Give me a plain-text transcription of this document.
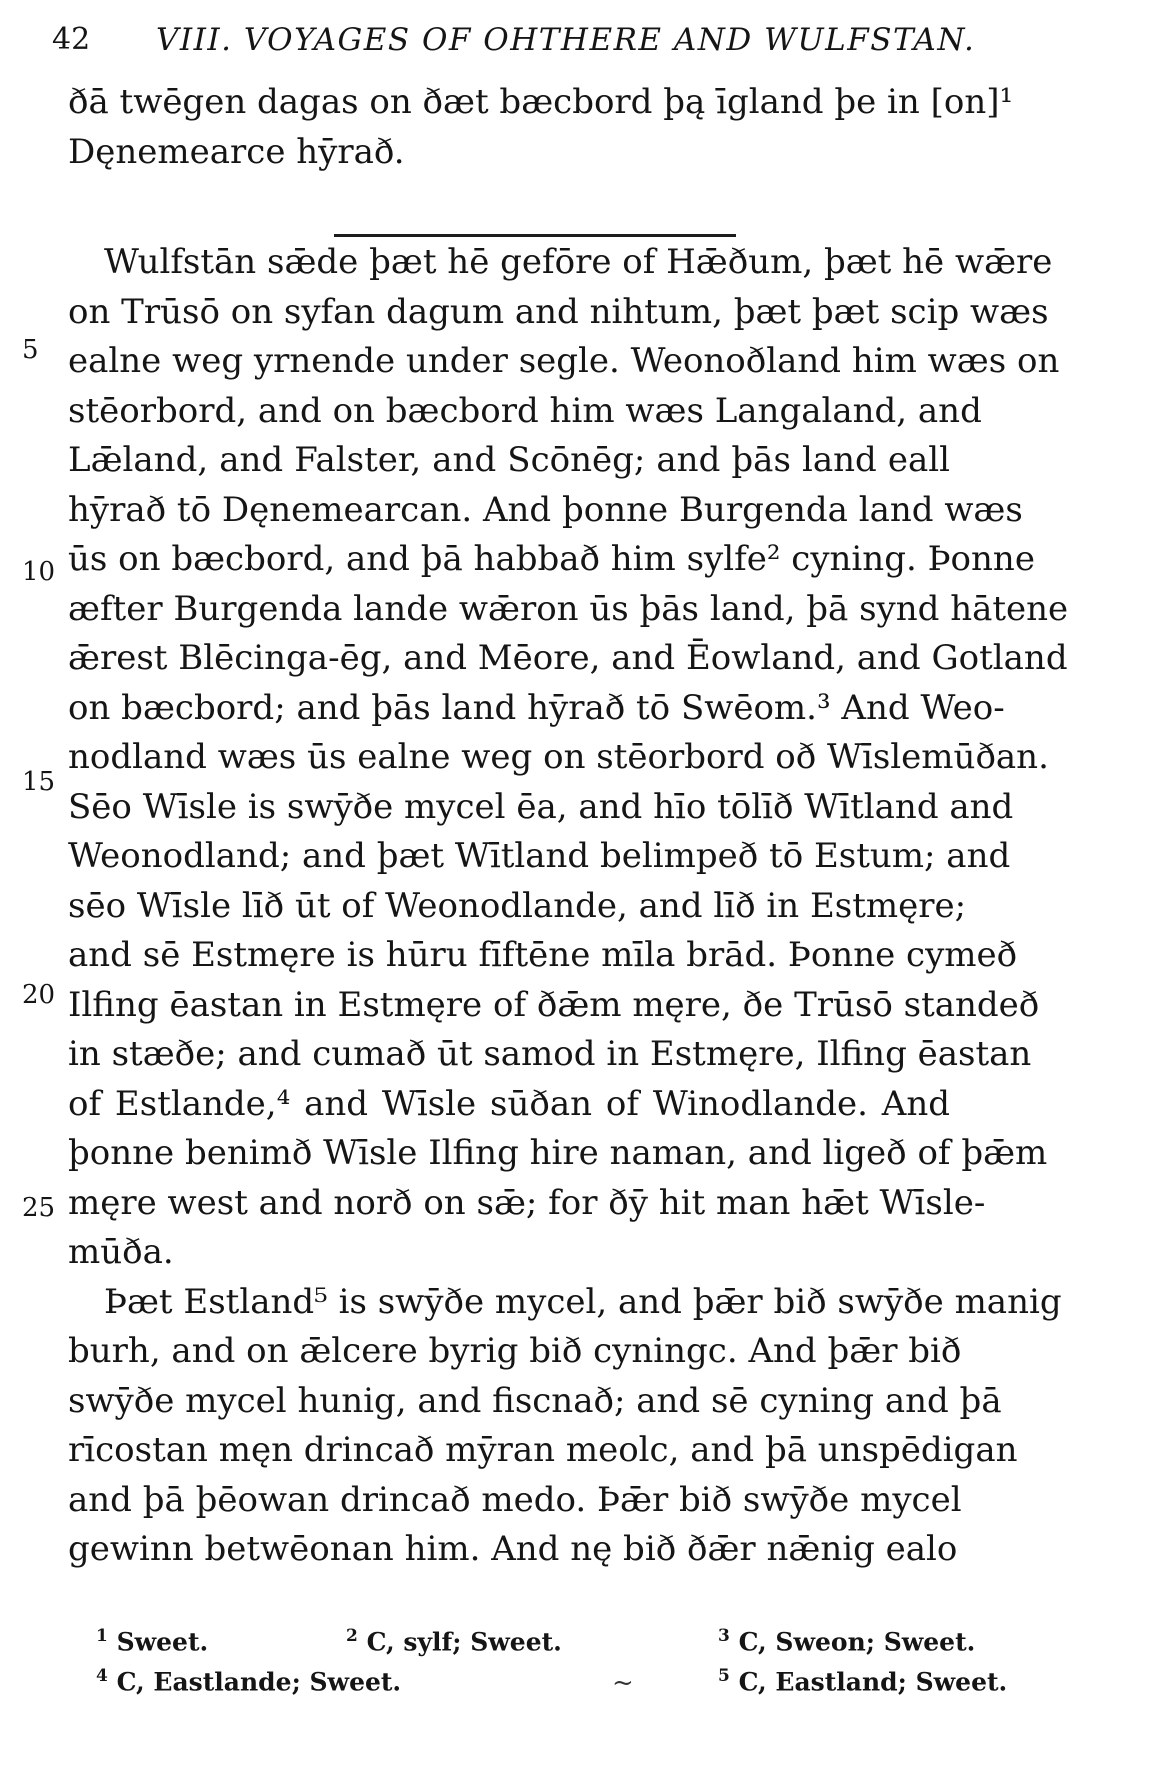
42 VIII. VOYAGES OF OHTHERE AND WULFSTAN.
ðā twēgen dagas on ðæt bæcbord þą īgland þe in [on]¹
Dęnemearce hȳrað.
Wulfstān sǣde þæt hē gefōre of Hǣðum, þæt hē wǣre
on Trūsō on syfan dagum and nihtum, þæt þæt scip wæs
ealne weg yrnende under segle. Weonoðland him wæs on
stēorbord, and on bæcbord him wæs Langaland, and
Lǣland, and Falster, and Scōnēg; and þās land eall
hȳrað tō Dęnemearcan. And þonne Burgenda land wæs
ūs on bæcbord, and þā habbað him sylfe² cyning. Þonne
æfter Burgenda lande wǣron ūs þās land, þā synd hātene
ǣrest Blēcinga-ēg, and Mēore, and Ēowland, and Gotland
on bæcbord; and þās land hȳrað tō Swēom.³ And Weo-
nodland wæs ūs ealne weg on stēorbord oð Wīslemūðan.
Sēo Wīsle is swȳðe mycel ēa, and hīo tōlīð Wītland and
Weonodland; and þæt Wītland belimpeð tō Estum; and
sēo Wīsle līð ūt of Weonodlande, and līð in Estmęre;
and sē Estmęre is hūru fīftēne mīla brād. Þonne cymeð
Ilfing ēastan in Estmęre of ðǣm męre, ðe Trūsō standeð
in stæðe; and cumað ūt samod in Estmęre, Ilfing ēastan
of Estlande,⁴ and Wīsle sūðan of Winodlande. And
þonne benimð Wīsle Ilfing hire naman, and ligeð of þǣm
męre west and norð on sǣ; for ðȳ hit man hǣt Wīsle-
mūða.
Þæt Estland⁵ is swȳðe mycel, and þǣr bið swȳðe manig
burh, and on ǣlcere byrig bið cyningc. And þǣr bið
swȳðe mycel hunig, and fiscnað; and sē cyning and þā
rīcostan męn drincað mȳran meolc, and þā unspēdigan
and þā þēowan drincað medo. Þǣr bið swȳðe mycel
gewinn betwēonan him. And nę bið ðǣr nǣnig ealo
5
10
15
20
25
$^1$ Sweet.	$^2$ C, sylf; Sweet.	$^3$ C, Sweon; Sweet.
$^4$ C, Eastlande; Sweet.	~	$^5$ C, Eastland; Sweet.
